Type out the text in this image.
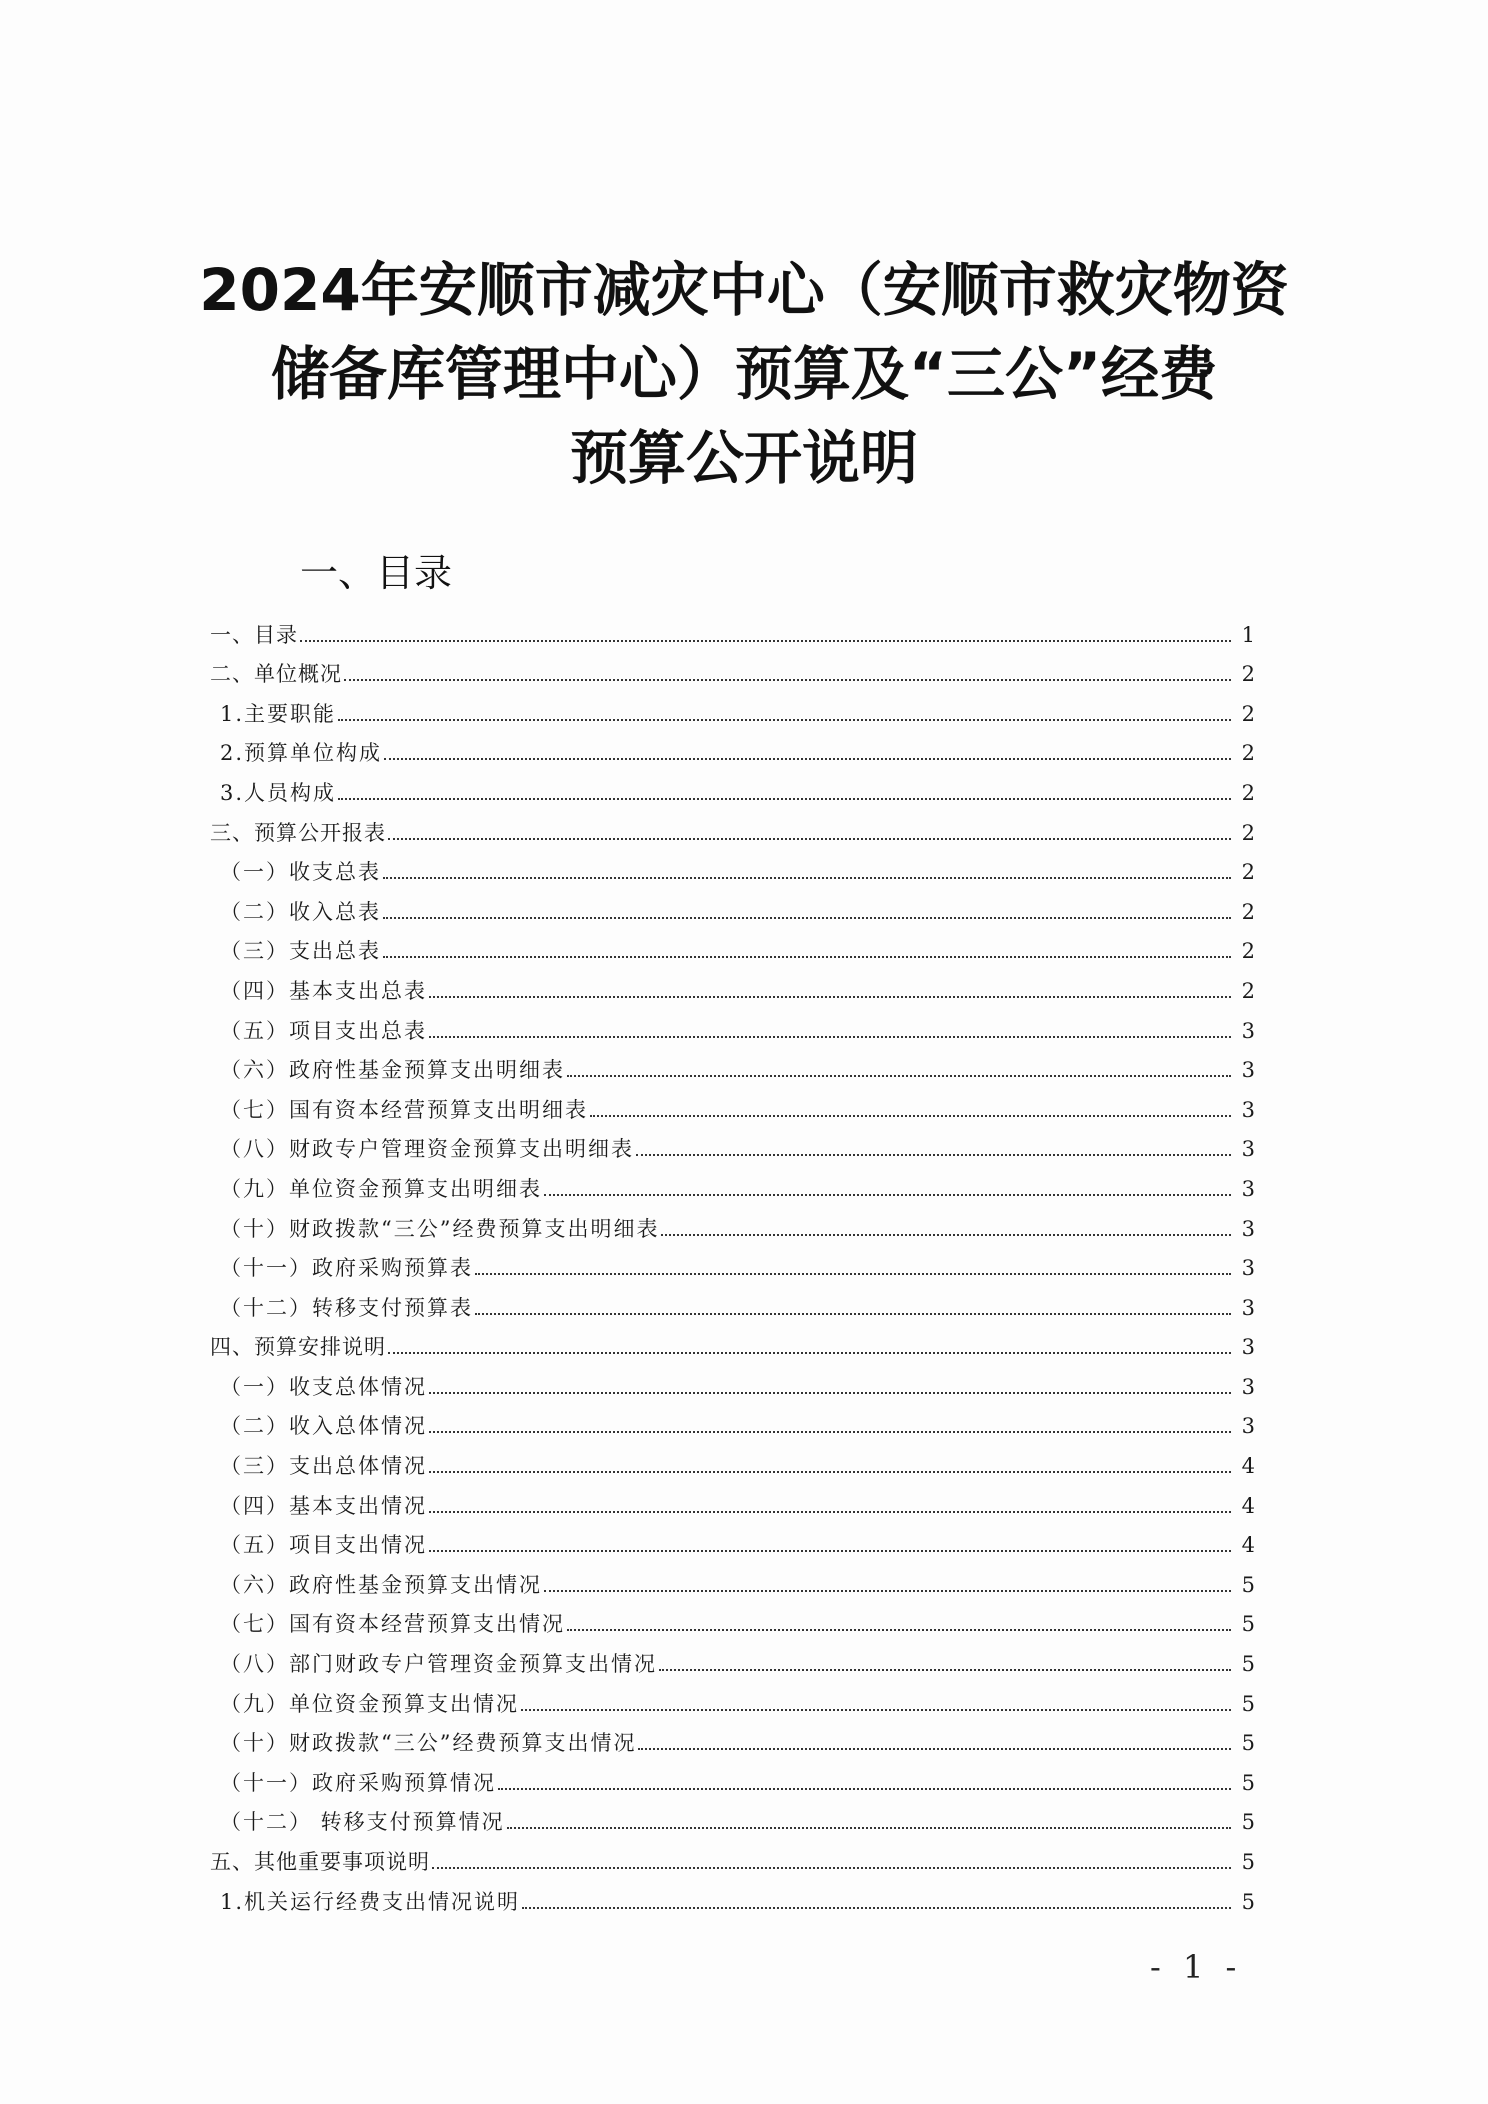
2024年安顺市减灾中心（安顺市救灾物资
储备库管理中心）预算及“三公”经费
预算公开说明
一、目录
一、目录	1
二、单位概况	2
1.主要职能	2
2.预算单位构成	2
3.人员构成	2
三、预算公开报表	2
（一）收支总表	2
（二）收入总表	2
（三）支出总表	2
（四）基本支出总表	2
（五）项目支出总表	3
（六）政府性基金预算支出明细表	3
（七）国有资本经营预算支出明细表	3
（八）财政专户管理资金预算支出明细表	3
（九）单位资金预算支出明细表	3
（十）财政拨款“三公”经费预算支出明细表	3
（十一）政府采购预算表	3
（十二）转移支付预算表	3
四、预算安排说明	3
（一）收支总体情况	3
（二）收入总体情况	3
（三）支出总体情况	4
（四）基本支出情况	4
（五）项目支出情况	4
（六）政府性基金预算支出情况	5
（七）国有资本经营预算支出情况	5
（八）部门财政专户管理资金预算支出情况	5
（九）单位资金预算支出情况	5
（十）财政拨款“三公”经费预算支出情况	5
（十一）政府采购预算情况	5
（十二） 转移支付预算情况	5
五、其他重要事项说明	5
1.机关运行经费支出情况说明	5
- 1 -
